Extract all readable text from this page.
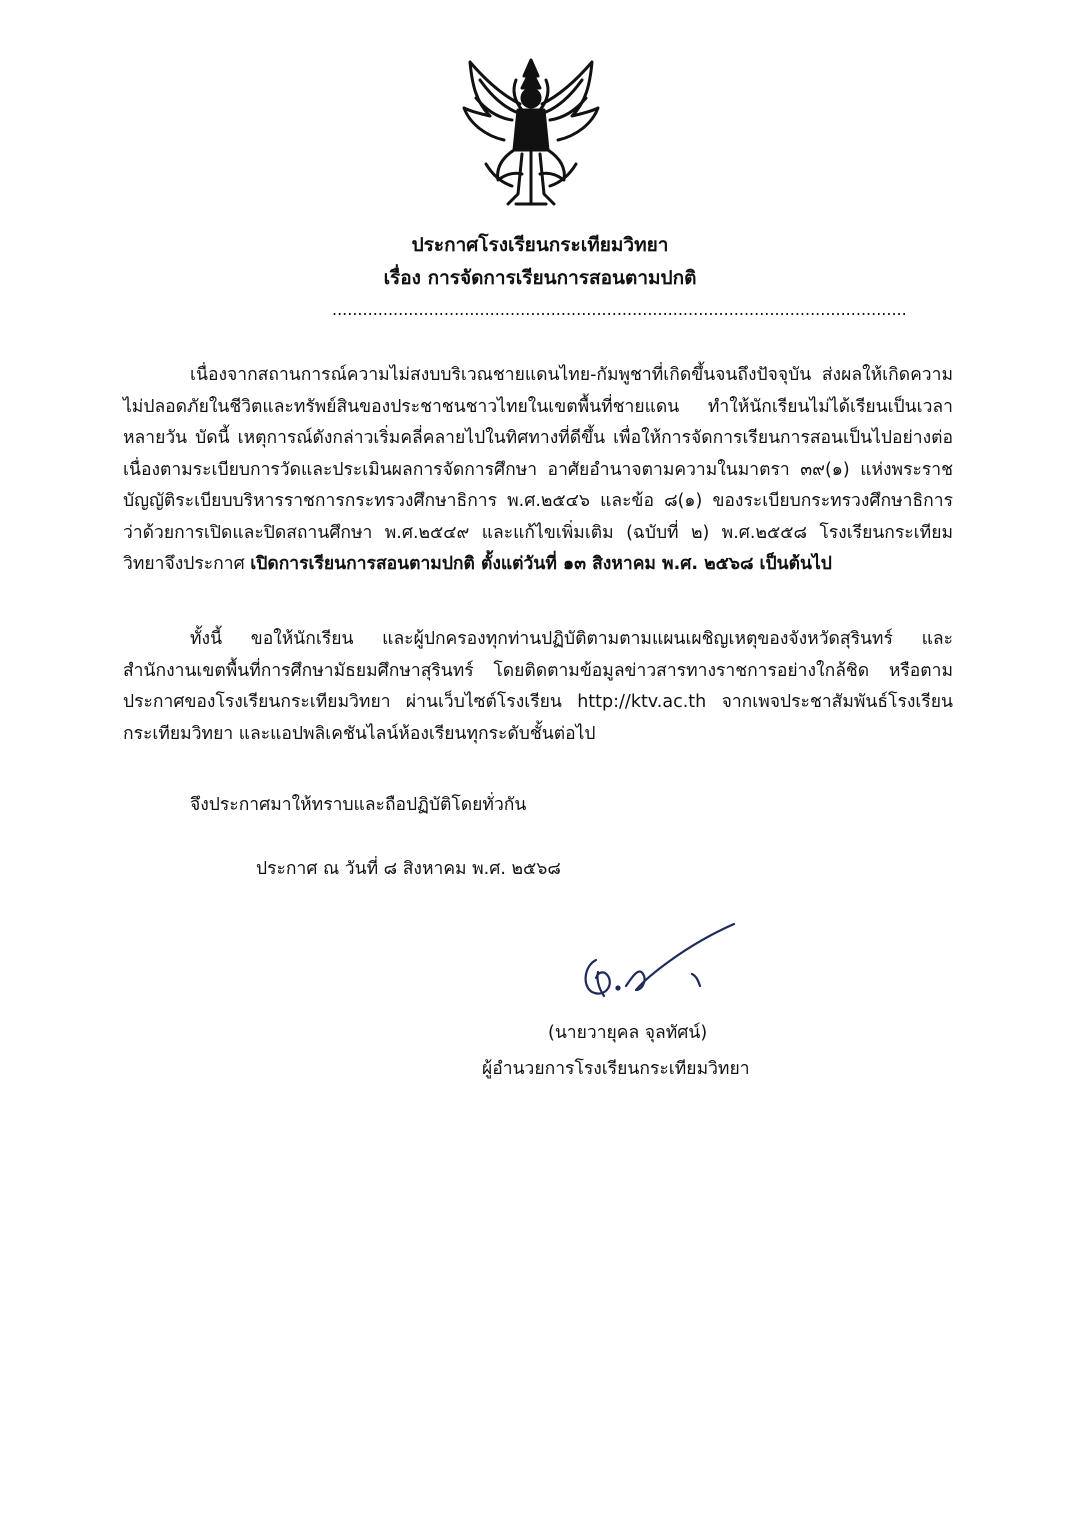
ประกาศโรงเรียนกระเทียมวิทยา
เรื่อง การจัดการเรียนการสอนตามปกติ
.................................................................................................................
เนื่องจากสถานการณ์ความไม่สงบบริเวณชายแดนไทย-กัมพูชาที่เกิดขึ้นจนถึงปัจจุบัน ส่งผลให้เกิดความไม่ปลอดภัยในชีวิตและทรัพย์สินของประชาชนชาวไทยในเขตพื้นที่ชายแดน ทำให้นักเรียนไม่ได้เรียนเป็นเวลาหลายวัน บัดนี้ เหตุการณ์ดังกล่าวเริ่มคลี่คลายไปในทิศทางที่ดีขึ้น เพื่อให้การจัดการเรียนการสอนเป็นไปอย่างต่อเนื่องตามระเบียบการวัดและประเมินผลการจัดการศึกษา อาศัยอำนาจตามความในมาตรา ๓๙(๑) แห่งพระราชบัญญัติระเบียบบริหารราชการกระทรวงศึกษาธิการ พ.ศ.๒๕๔๖ และข้อ ๘(๑) ของระเบียบกระทรวงศึกษาธิการว่าด้วยการเปิดและปิดสถานศึกษา พ.ศ.๒๕๔๙ และแก้ไขเพิ่มเติม (ฉบับที่ ๒) พ.ศ.๒๕๕๘ โรงเรียนกระเทียมวิทยาจึงประกาศ เปิดการเรียนการสอนตามปกติ ตั้งแต่วันที่ ๑๓ สิงหาคม พ.ศ. ๒๕๖๘ เป็นต้นไป
ทั้งนี้ ขอให้นักเรียน และผู้ปกครองทุกท่านปฏิบัติตามตามแผนเผชิญเหตุของจังหวัดสุรินทร์ และสำนักงานเขตพื้นที่การศึกษามัธยมศึกษาสุรินทร์ โดยติดตามข้อมูลข่าวสารทางราชการอย่างใกล้ชิด หรือตามประกาศของโรงเรียนกระเทียมวิทยา ผ่านเว็บไซต์โรงเรียน http://ktv.ac.th จากเพจประชาสัมพันธ์โรงเรียนกระเทียมวิทยา และแอปพลิเคชันไลน์ห้องเรียนทุกระดับชั้นต่อไป
จึงประกาศมาให้ทราบและถือปฏิบัติโดยทั่วกัน
ประกาศ ณ วันที่ ๘ สิงหาคม พ.ศ. ๒๕๖๘
(นายวายุคล จุลทัศน์)
ผู้อำนวยการโรงเรียนกระเทียมวิทยา
